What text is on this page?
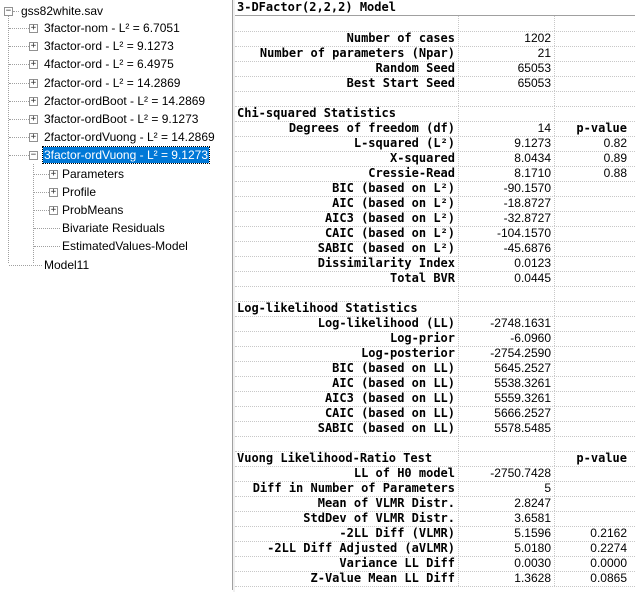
− gss82white.sav
+ 3factor-nom - L² = 6.7051
+ 3factor-ord - L² = 9.1273
+ 4factor-ord - L² = 6.4975
+ 2factor-ord - L² = 14.2869
+ 2factor-ordBoot - L² = 14.2869
+ 3factor-ordBoot - L² = 9.1273
+ 2factor-ordVuong - L² = 14.2869
− 3factor-ordVuong - L² = 9.1273
+ Parameters
+ Profile
+ ProbMeans
Bivariate Residuals
EstimatedValues-Model
Model11
3-DFactor(2,2,2) Model
Number of cases	1202
Number of parameters (Npar)	21
Random Seed	65053
Best Start Seed	65053
Chi-squared Statistics
Degrees of freedom (df)	14	p-value
L-squared (L²)	9.1273	0.82
X-squared	8.0434	0.89
Cressie-Read	8.1710	0.88
BIC (based on L²)	-90.1570
AIC (based on L²)	-18.8727
AIC3 (based on L²)	-32.8727
CAIC (based on L²)	-104.1570
SABIC (based on L²)	-45.6876
Dissimilarity Index	0.0123
Total BVR	0.0445
Log-likelihood Statistics
Log-likelihood (LL)	-2748.1631
Log-prior	-6.0960
Log-posterior	-2754.2590
BIC (based on LL)	5645.2527
AIC (based on LL)	5538.3261
AIC3 (based on LL)	5559.3261
CAIC (based on LL)	5666.2527
SABIC (based on LL)	5578.5485
Vuong Likelihood-Ratio Test	p-value
LL of H0 model	-2750.7428
Diff in Number of Parameters	5
Mean of VLMR Distr.	2.8247
StdDev of VLMR Distr.	3.6581
-2LL Diff (VLMR)	5.1596	0.2162
-2LL Diff Adjusted (aVLMR)	5.0180	0.2274
Variance LL Diff	0.0030	0.0000
Z-Value Mean LL Diff	1.3628	0.0865
